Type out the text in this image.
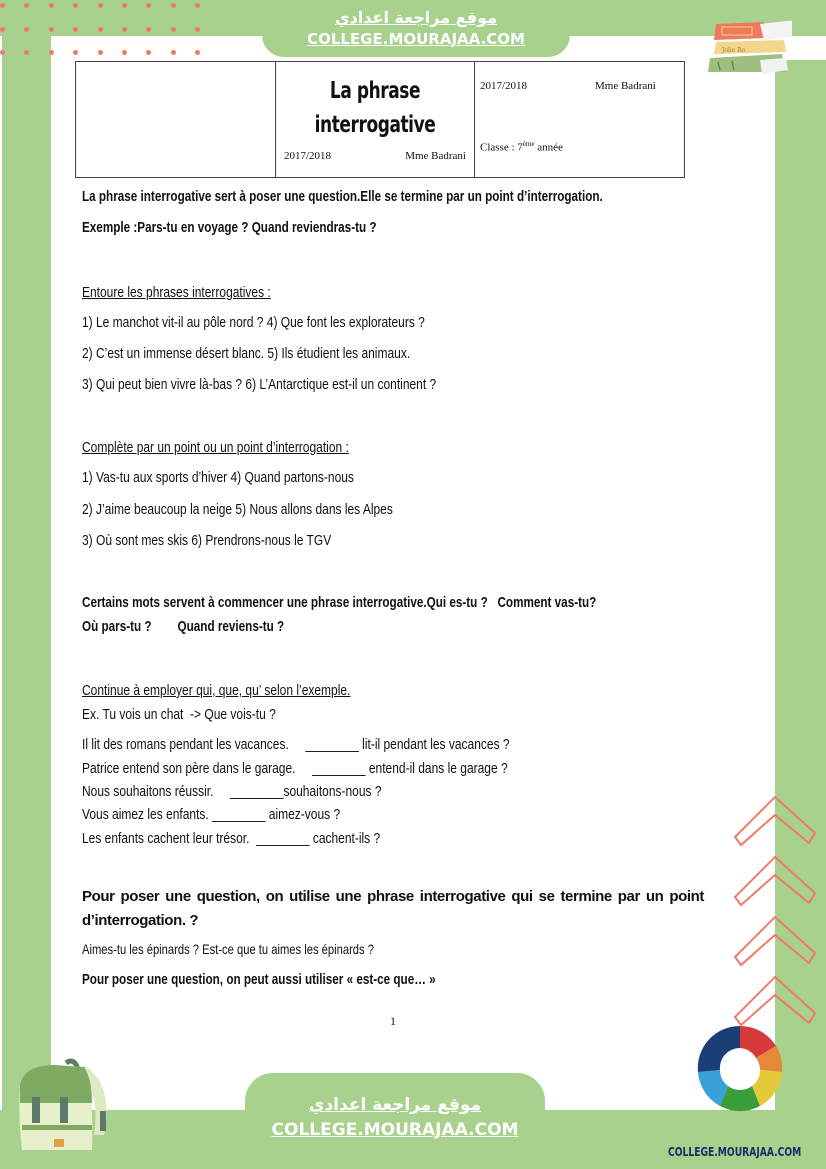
موقع مراجعة اعدادي
COLLEGE.MOURAJAA.COM
Jolie Ro

La phrase
interrogative
2017/2018	Mme Badrani

2017/2018	Mme Badrani
Classe : 7ème année
La phrase interrogative sert à poser une question.Elle se termine par un point d’interrogation.
Exemple :Pars-tu en voyage ? Quand reviendras-tu ?
Entoure les phrases interrogatives :
1) Le manchot vit-il au pôle nord ? 4) Que font les explorateurs ?
2) C’est un immense désert blanc. 5) Ils étudient les animaux.
3) Qui peut bien vivre là-bas ? 6) L’Antarctique est-il un continent ?
Complète par un point ou un point d’interrogation :
1) Vas-tu aux sports d’hiver 4) Quand partons-nous
2) J’aime beaucoup la neige 5) Nous allons dans les Alpes
3) Où sont mes skis 6) Prendrons-nous le TGV
Certains mots servent à commencer une phrase interrogative.Qui es-tu ?   Comment vas-tu?
Où pars-tu ?        Quand reviens-tu ?
Continue à employer qui, que, qu’ selon l’exemple.
Ex. Tu vois un chat  -> Que vois-tu ?
Il lit des romans pendant les vacances.     ________ lit-il pendant les vacances ?
Patrice entend son père dans le garage.     ________ entend-il dans le garage ?
Nous souhaitons réussir.     ________souhaitons-nous ?
Vous aimez les enfants. ________ aimez-vous ?
Les enfants cachent leur trésor.  ________ cachent-ils ?
Pour poser une question, on utilise une phrase interrogative qui se termine par un point d’interrogation. ?
Aimes-tu les épinards ? Est-ce que tu aimes les épinards ?
Pour poser une question, on peut aussi utiliser « est-ce que… »
1
COLLEGE.MOURAJAA.COM
موقع مراجعة اعدادي
COLLEGE.MOURAJAA.COM
